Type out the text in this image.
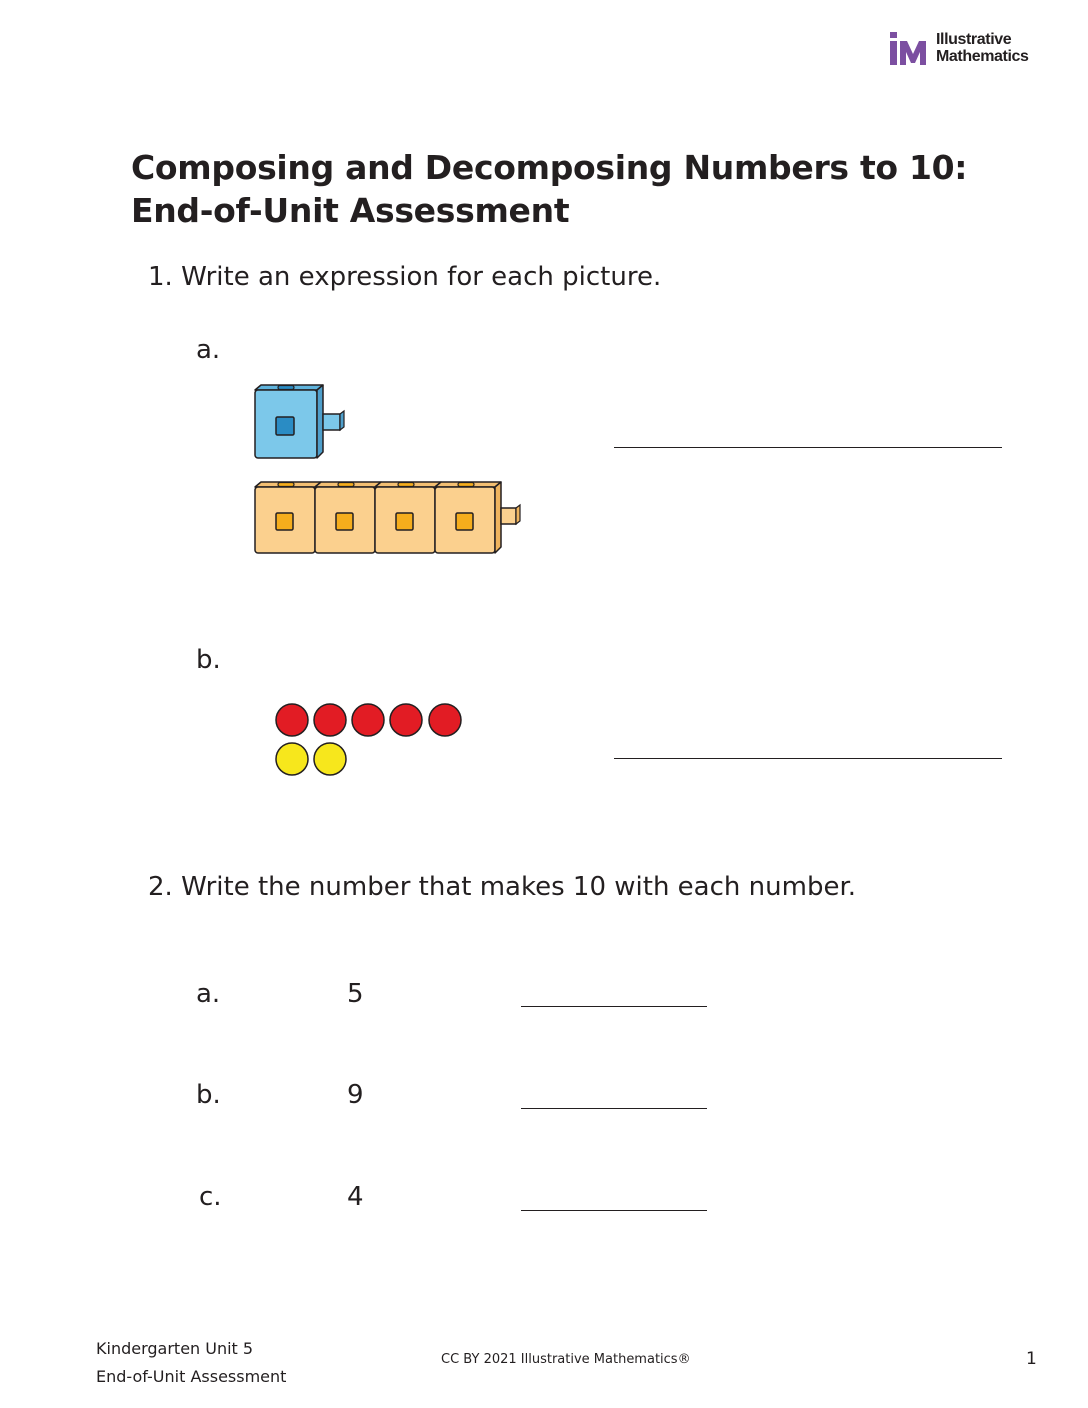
Illustrative
Mathematics
Composing and Decomposing Numbers to 10:
End-of-Unit Assessment
1. Write an expression for each picture.
a.
b.
2. Write the number that makes 10 with each number.
a.	5
b.	9
c.	4
Kindergarten Unit 5
End-of-Unit Assessment
CC BY 2021 Illustrative Mathematics®	1
